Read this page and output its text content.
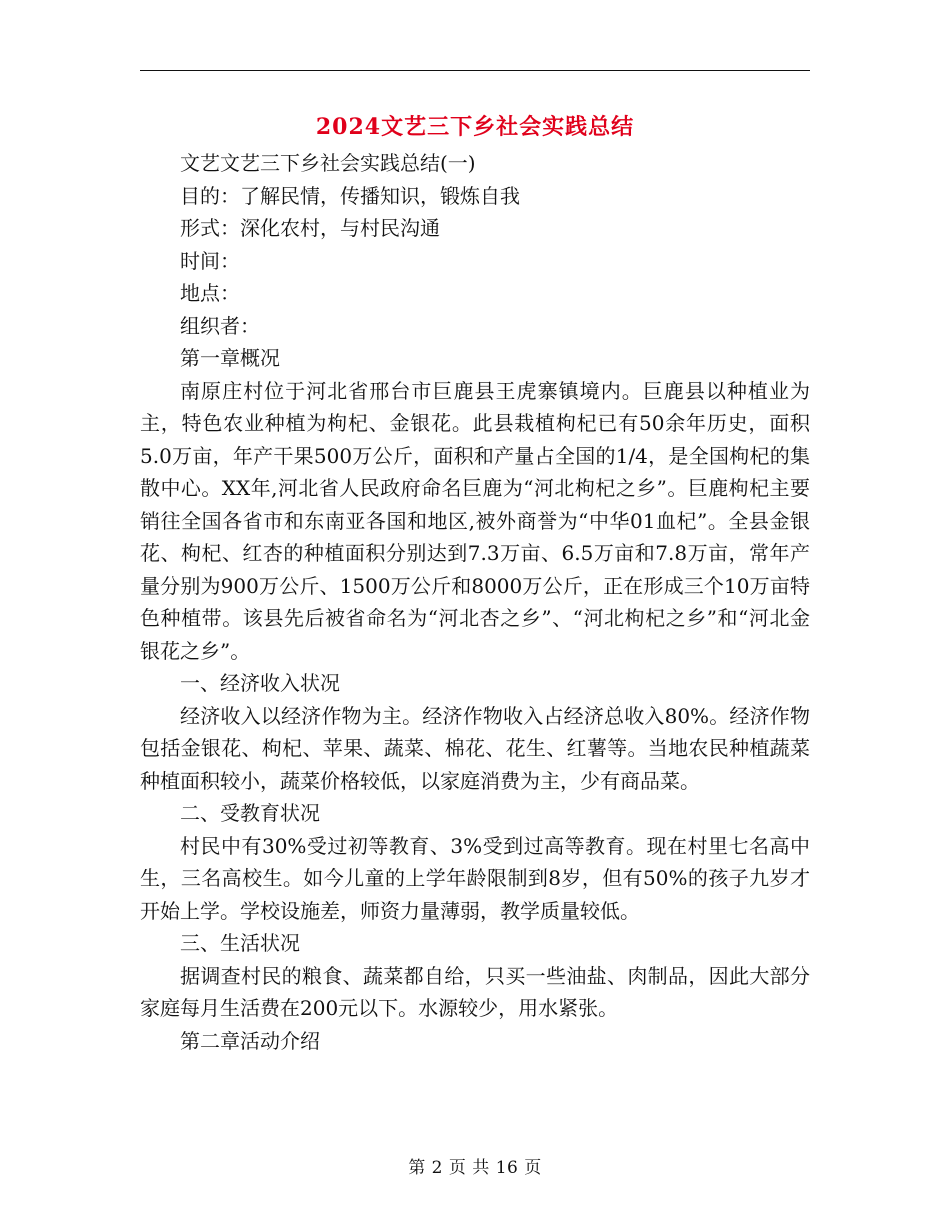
2024文艺三下乡社会实践总结

文艺文艺三下乡社会实践总结(一)

目的：了解民情，传播知识，锻炼自我

形式：深化农村，与村民沟通

时间：

地点：

组织者：

第一章概况

南原庄村位于河北省邢台市巨鹿县王虎寨镇境内。巨鹿县以种植业为主，特色农业种植为枸杞、金银花。此县栽植枸杞已有50余年历史，面积5.0万亩，年产干果500万公斤，面积和产量占全国的1/4，是全国枸杞的集散中心。XX年,河北省人民政府命名巨鹿为“河北枸杞之乡”。巨鹿枸杞主要销往全国各省市和东南亚各国和地区,被外商誉为“中华01血杞”。全县金银花、枸杞、红杏的种植面积分别达到7.3万亩、6.5万亩和7.8万亩，常年产量分别为900万公斤、1500万公斤和8000万公斤，正在形成三个10万亩特色种植带。该县先后被省命名为“河北杏之乡”、“河北枸杞之乡”和“河北金银花之乡”。

一、经济收入状况

经济收入以经济作物为主。经济作物收入占经济总收入80%。经济作物包括金银花、枸杞、苹果、蔬菜、棉花、花生、红薯等。当地农民种植蔬菜种植面积较小，蔬菜价格较低，以家庭消费为主，少有商品菜。

二、受教育状况

村民中有30%受过初等教育、3%受到过高等教育。现在村里七名高中生，三名高校生。如今儿童的上学年龄限制到8岁，但有50%的孩子九岁才开始上学。学校设施差，师资力量薄弱，教学质量较低。

三、生活状况

据调查村民的粮食、蔬菜都自给，只买一些油盐、肉制品，因此大部分家庭每月生活费在200元以下。水源较少，用水紧张。

第二章活动介绍

第 2 页 共 16 页
